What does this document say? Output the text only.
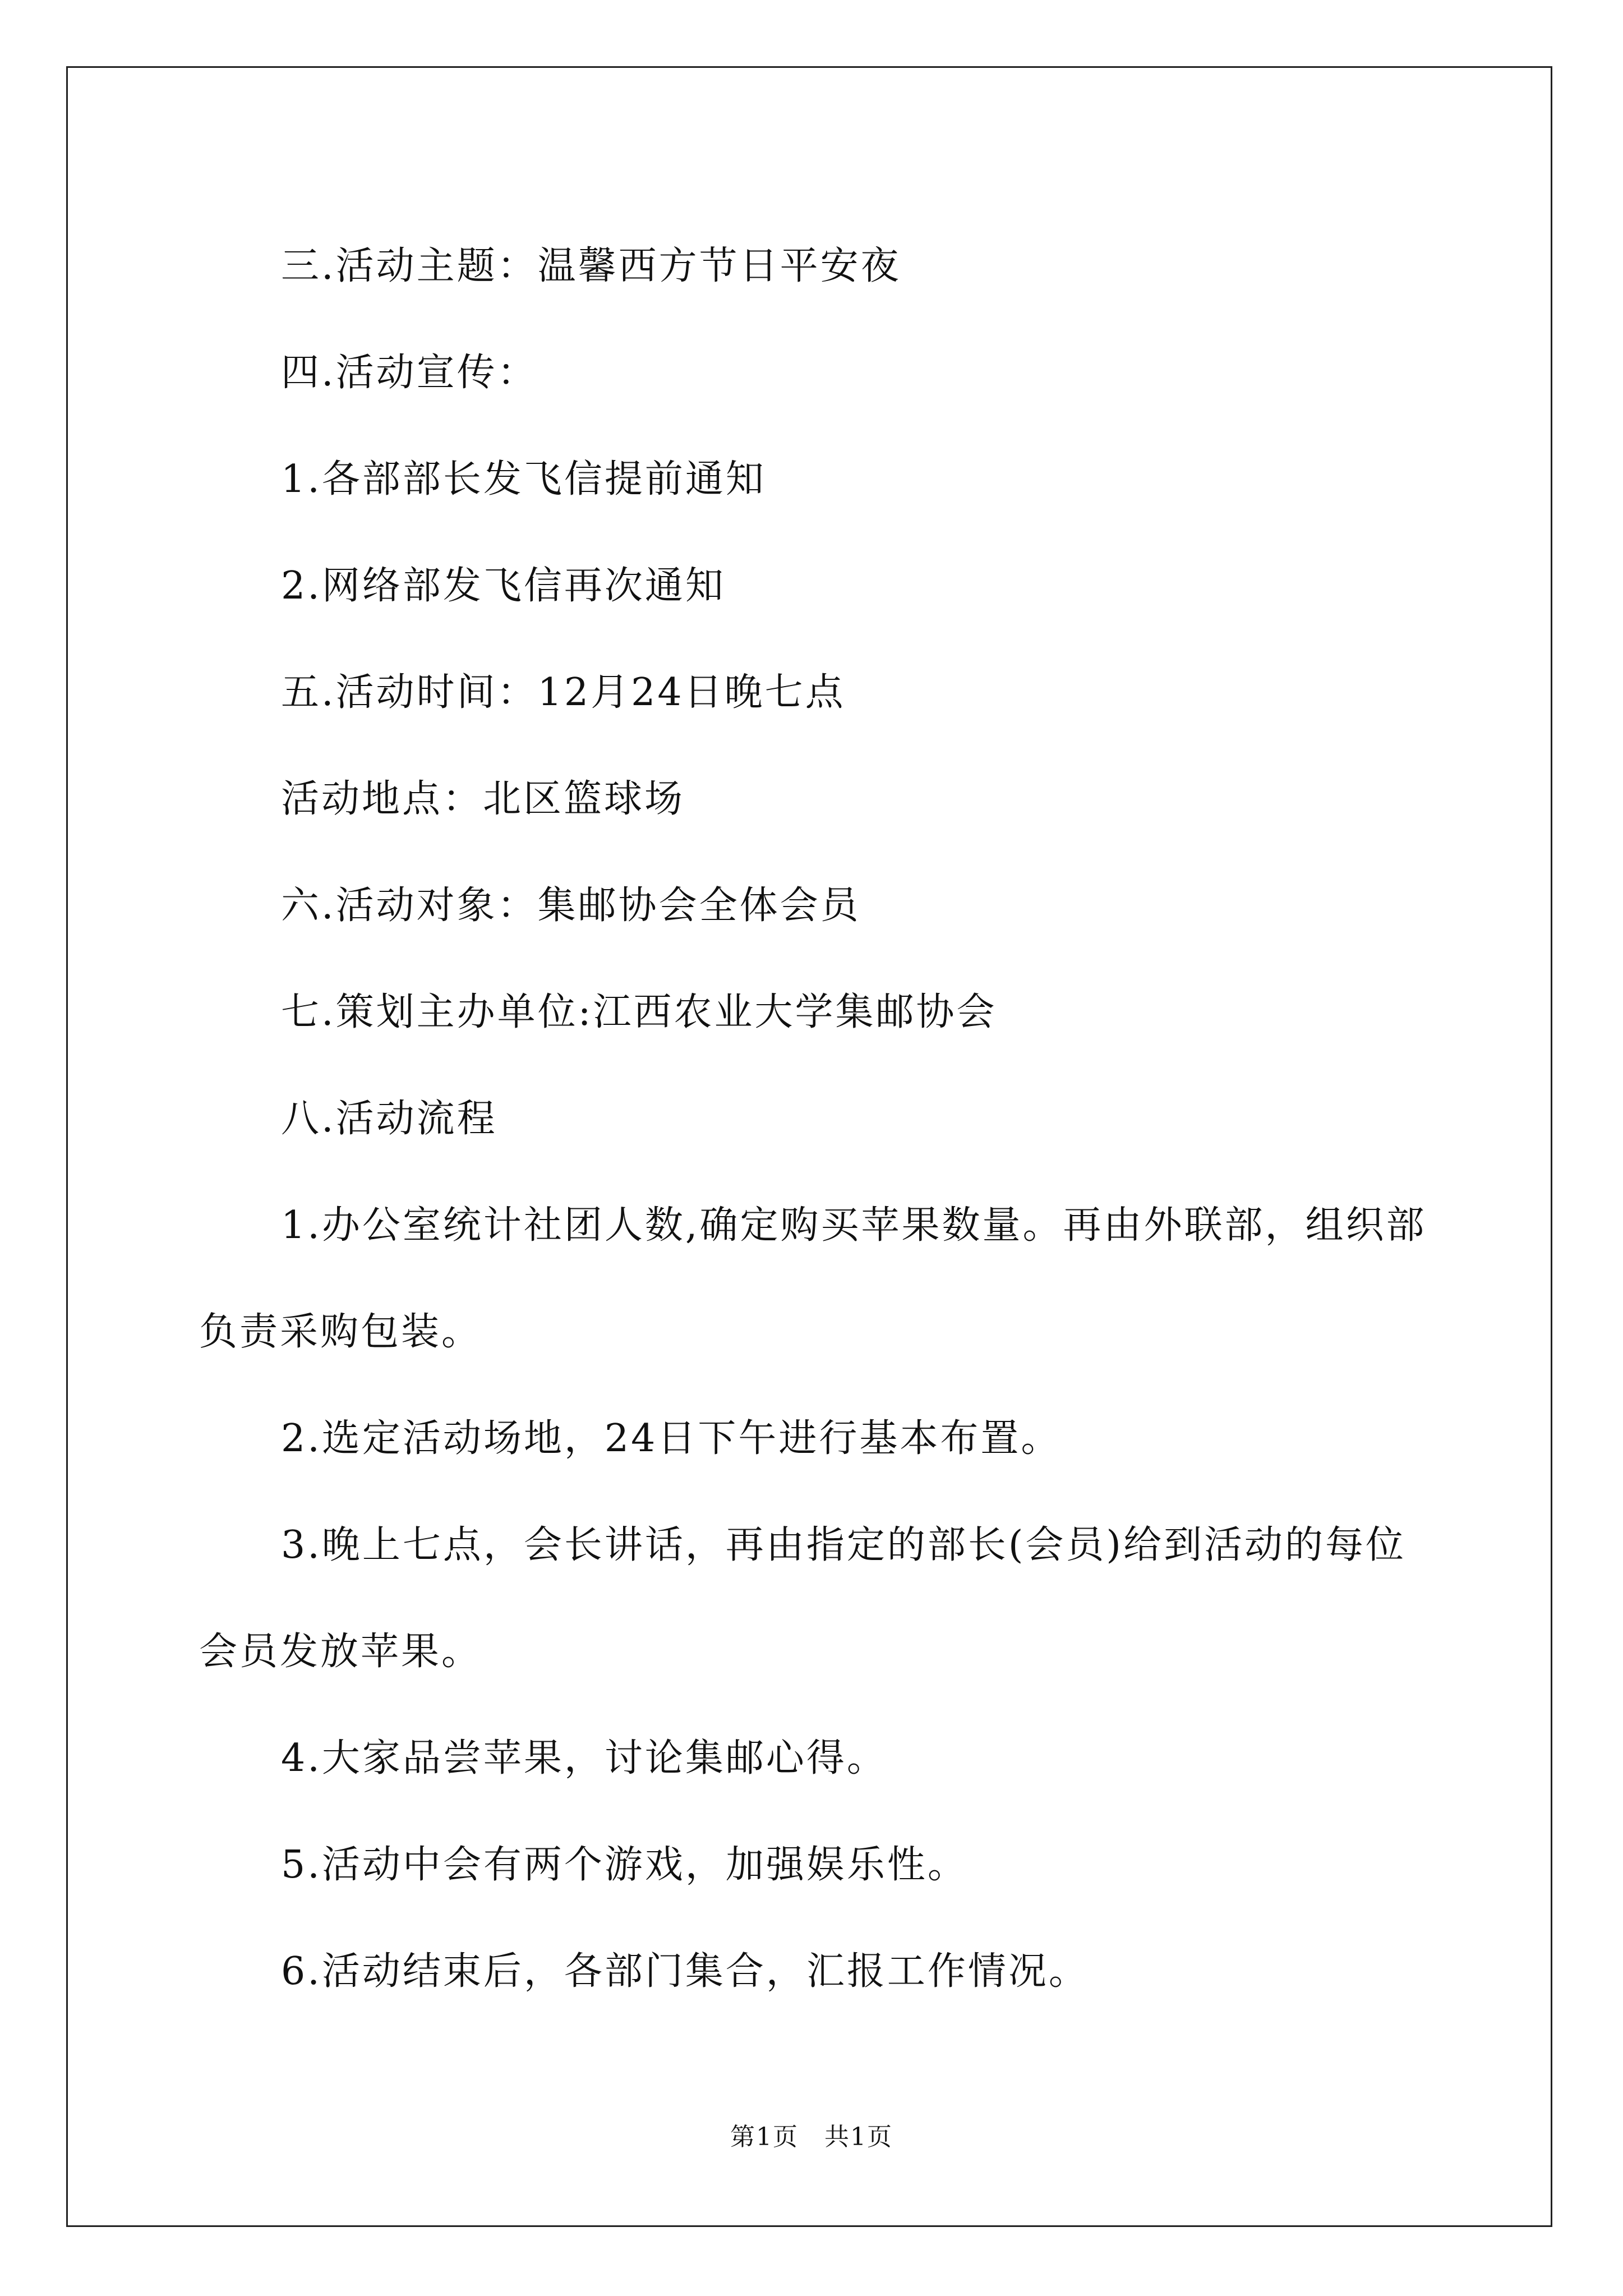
三.活动主题：温馨西方节日平安夜

四.活动宣传：

1.各部部长发飞信提前通知

2.网络部发飞信再次通知

五.活动时间：12月24日晚七点

活动地点：北区篮球场

六.活动对象：集邮协会全体会员

七.策划主办单位:江西农业大学集邮协会

八.活动流程

1.办公室统计社团人数,确定购买苹果数量。再由外联部，组织部负责采购包装。

2.选定活动场地，24日下午进行基本布置。

3.晚上七点，会长讲话，再由指定的部长(会员)给到活动的每位会员发放苹果。

4.大家品尝苹果，讨论集邮心得。

5.活动中会有两个游戏，加强娱乐性。

6.活动结束后，各部门集合，汇报工作情况。

第1页　共1页
